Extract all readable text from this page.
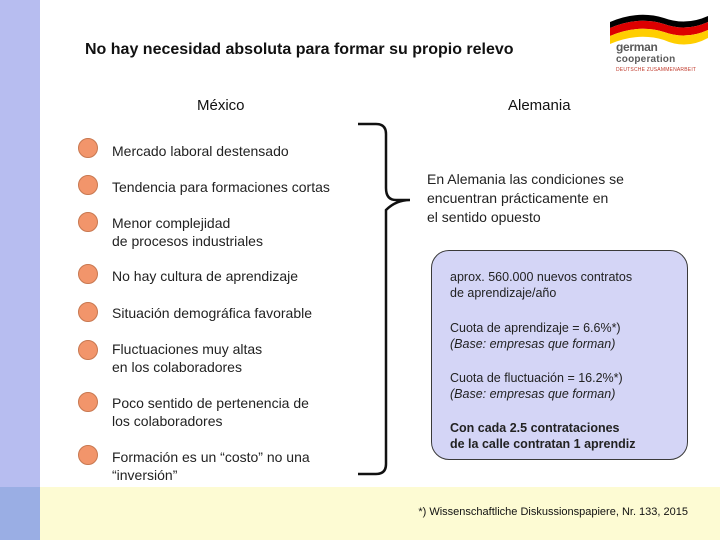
No hay necesidad absoluta para formar su propio relevo	german
cooperation
DEUTSCHE ZUSAMMENARBEIT
México	Alemania
Mercado laboral destensado
Tendencia para formaciones cortas
Menor complejidad
de procesos industriales
No hay cultura de aprendizaje
Situación demográfica favorable
Fluctuaciones muy altas
en los colaboradores
Poco sentido de pertenencia de
los colaboradores
Formación es un “costo” no una
“inversión”
En Alemania las condiciones se
encuentran prácticamente en
el sentido opuesto

aprox. 560.000 nuevos contratos
de aprendizaje/año

Cuota de aprendizaje = 6.6%*)
(Base: empresas que forman)

Cuota de fluctuación = 16.2%*)
(Base: empresas que forman)

Con cada 2.5 contrataciones
de la calle contratan 1 aprendiz

*) Wissenschaftliche Diskussionspapiere, Nr. 133, 2015
